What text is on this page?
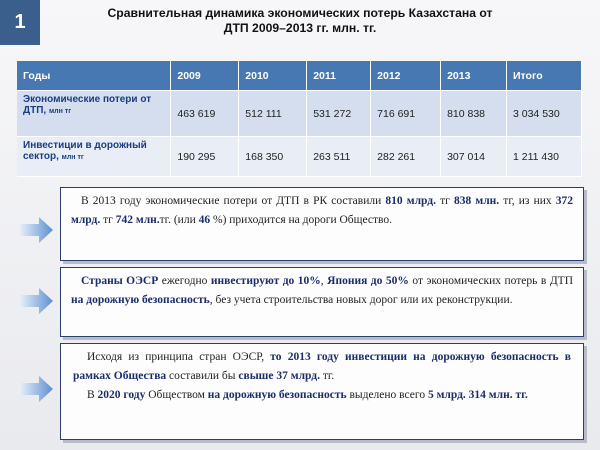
1	Сравнительная динамика экономических потерь Казахстана от
ДТП 2009–2013 гг. млн. тг.
Годы	2009	2010	2011	2012	2013	Итого
Экономические потери от ДТП, млн тг	463 619	512 111	531 272	716 691	810 838	3 034 530
Инвестиции в дорожный сектор, млн тг	190 295	168 350	263 511	282 261	307 014	1 211 430
В 2013 году экономические потери от ДТП в РК составили 810 млрд. тг 838 млн. тг, из них 372 млрд. тг 742 млн.тг. (или 46 %) приходится на дороги Общество.
Страны ОЭСР ежегодно инвестируют до 10%, Япония до 50% от экономических потерь в ДТП на дорожную безопасность, без учета строительства новых дорог или их реконструкции.

Исходя из принципа стран ОЭСР, то 2013 году инвестиции на дорожную безопасность в рамках Общества составили бы свыше 37 млрд. тг.

В 2020 году Обществом на дорожную безопасность выделено всего 5 млрд. 314 млн. тг.
